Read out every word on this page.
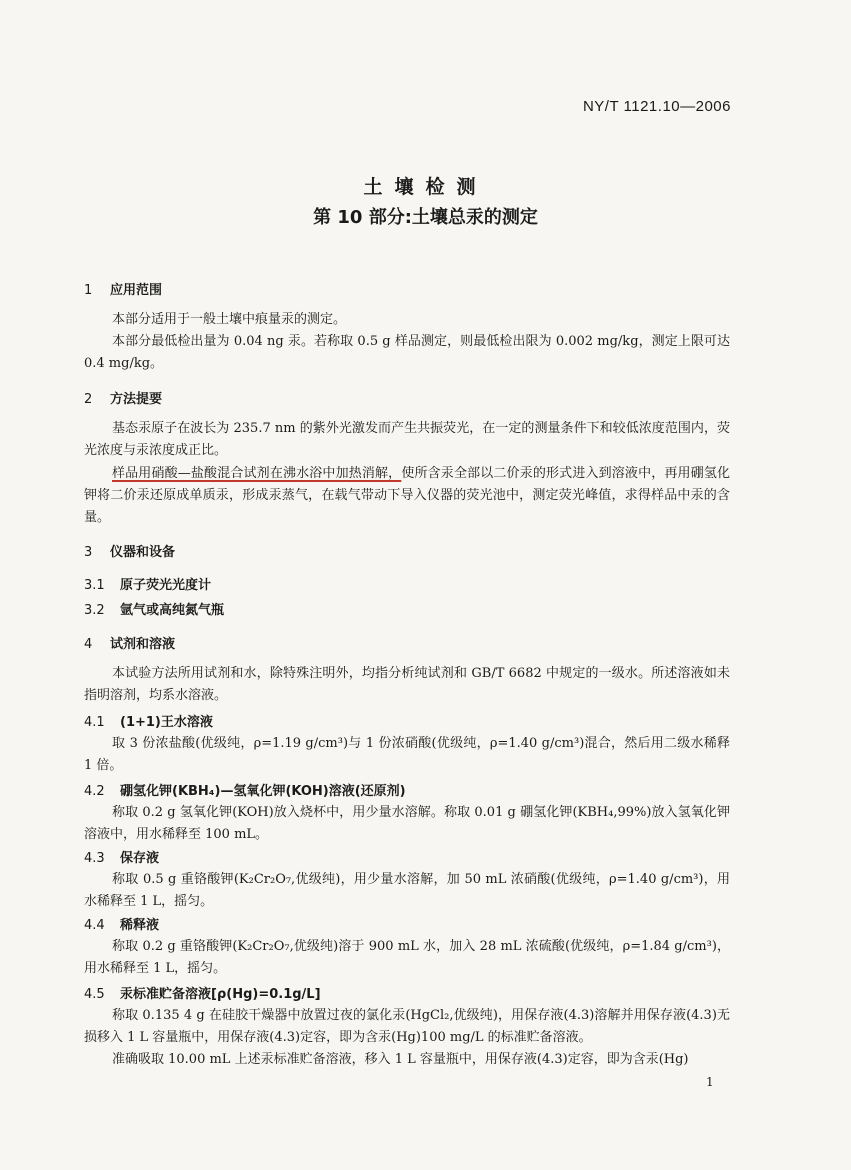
NY/T 1121.10—2006
土壤检测
第 10 部分:土壤总汞的测定
1 应用范围

本部分适用于一般土壤中痕量汞的测定。

本部分最低检出量为 0.04 ng 汞。若称取 0.5 g 样品测定，则最低检出限为 0.002 mg/kg，测定上限可达 0.4 mg/kg。

2 方法提要

基态汞原子在波长为 235.7 nm 的紫外光激发而产生共振荧光，在一定的测量条件下和较低浓度范围内，荧光浓度与汞浓度成正比。

样品用硝酸—盐酸混合试剂在沸水浴中加热消解，使所含汞全部以二价汞的形式进入到溶液中，再用硼氢化钾将二价汞还原成单质汞，形成汞蒸气，在载气带动下导入仪器的荧光池中，测定荧光峰值，求得样品中汞的含量。

3 仪器和设备
3.1 原子荧光光度计
3.2 氩气或高纯氮气瓶
4 试剂和溶液

本试验方法所用试剂和水，除特殊注明外，均指分析纯试剂和 GB/T 6682 中规定的一级水。所述溶液如未指明溶剂，均系水溶液。

4.1 (1+1)王水溶液

取 3 份浓盐酸(优级纯，ρ=1.19 g/cm³)与 1 份浓硝酸(优级纯，ρ=1.40 g/cm³)混合，然后用二级水稀释 1 倍。

4.2 硼氢化钾(KBH₄)—氢氧化钾(KOH)溶液(还原剂)

称取 0.2 g 氢氧化钾(KOH)放入烧杯中，用少量水溶解。称取 0.01 g 硼氢化钾(KBH₄,99%)放入氢氧化钾溶液中，用水稀释至 100 mL。

4.3 保存液

称取 0.5 g 重铬酸钾(K₂Cr₂O₇,优级纯)，用少量水溶解，加 50 mL 浓硝酸(优级纯，ρ=1.40 g/cm³)，用水稀释至 1 L，摇匀。

4.4 稀释液

称取 0.2 g 重铬酸钾(K₂Cr₂O₇,优级纯)溶于 900 mL 水，加入 28 mL 浓硫酸(优级纯，ρ=1.84 g/cm³)，用水稀释至 1 L，摇匀。

4.5 汞标准贮备溶液[ρ(Hg)=0.1g/L]

称取 0.135 4 g 在硅胶干燥器中放置过夜的氯化汞(HgCl₂,优级纯)，用保存液(4.3)溶解并用保存液(4.3)无损移入 1 L 容量瓶中，用保存液(4.3)定容，即为含汞(Hg)100 mg/L 的标准贮备溶液。

准确吸取 10.00 mL 上述汞标准贮备溶液，移入 1 L 容量瓶中，用保存液(4.3)定容，即为含汞(Hg)

1
